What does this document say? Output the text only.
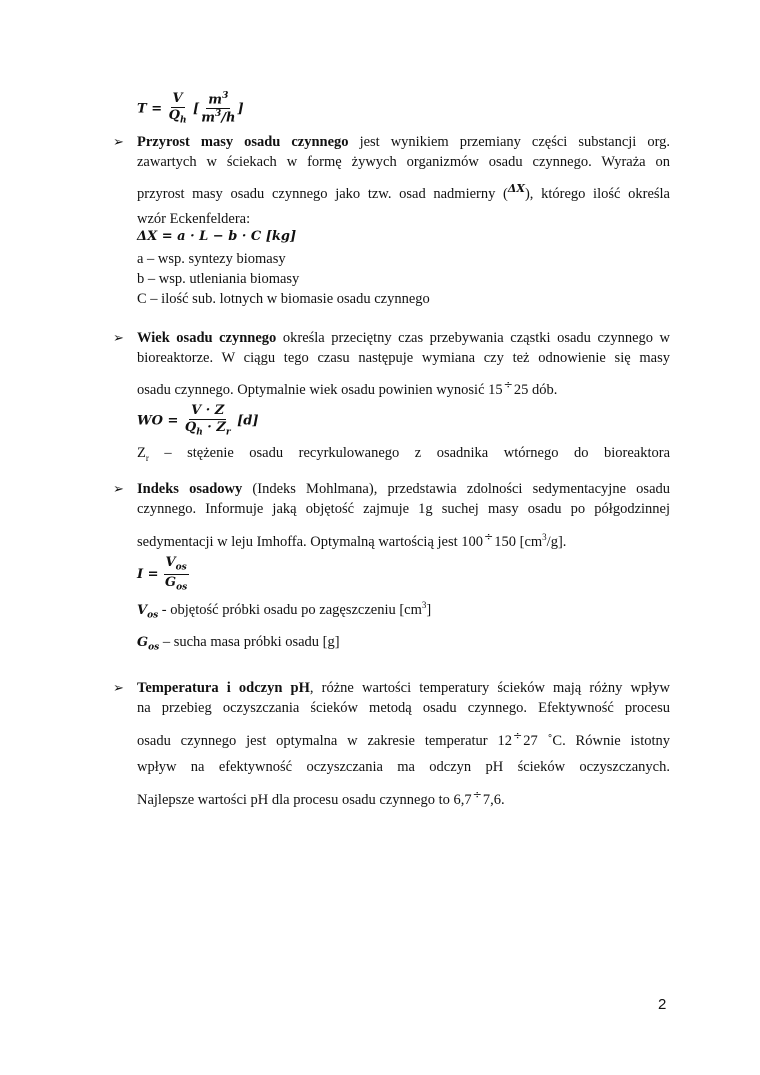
$T = \frac{V}{Q_h}$ [ $\frac{m^3}{m^3/h}$ ]
➢ Przyrost masy osadu czynnego jest wynikiem przemiany części substancji org.
zawartych w ściekach w formę żywych organizmów osadu czynnego. Wyraża on
przyrost masy osadu czynnego jako tzw. osad nadmierny ($^{\Delta X}$), którego ilość określa
wzór Eckenfeldera:
ΔX = a · L − b · C [kg]
a – wsp. syntezy biomasy
b – wsp. utleniania biomasy
C – ilość sub. lotnych w biomasie osadu czynnego
➢ Wiek osadu czynnego określa przeciętny czas przebywania cząstki osadu czynnego w
bioreaktorze. W ciągu tego czasu następuje wymiana czy też odnowienie się masy
osadu czynnego. Optymalnie wiek osadu powinien wynosić 15÷25 dób.
WO = $\frac{V \cdot Z}{Q_h \cdot Z_r} [d]$
$Z_r$ – stężenie osadu recyrkulowanego z osadnika wtórnego do bioreaktora
➢ Indeks osadowy (Indeks Mohlmana), przedstawia zdolności sedymentacyjne osadu
czynnego. Informuje jaką objętość zajmuje 1g suchej masy osadu po półgodzinnej
sedymentacji w leju Imhoffa. Optymalną wartością jest 100÷150 $[cm^3/g]$.
$I = \frac{V_{os}}{G_{os}}$
$V_{os}$ - objętość próbki osadu po zagęszczeniu $[cm^3]$
$G_{os}$ – sucha masa próbki osadu [g]
➢ Temperatura i odczyn pH, różne wartości temperatury ścieków mają różny wpływ
na przebieg oczyszczania ścieków metodą osadu czynnego. Efektywność procesu
osadu czynnego jest optymalna w zakresie temperatur 12÷27 ˚C. Równie istotny
wpływ na efektywność oczyszczania ma odczyn pH ścieków oczyszczanych.
Najlepsze wartości pH dla procesu osadu czynnego to 6,7÷7,6.
2
